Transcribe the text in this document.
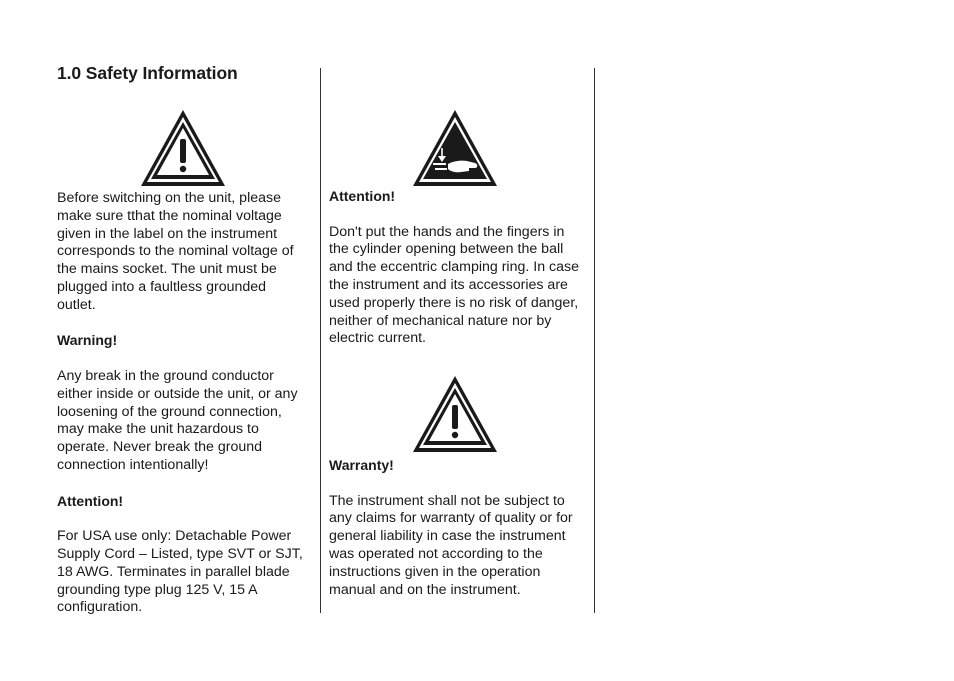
1.0 Safety Information

Before switching on the unit, please make sure tthat the nominal voltage given in the label on the instrument corresponds to the nominal voltage of the mains socket. The unit must be plugged into a faultless grounded outlet.

Warning!

Any break in the ground conductor either inside or outside the unit, or any loosening of the ground connection, may make the unit hazardous to operate. Never break the ground connection intentionally!

Attention!

For USA use only: Detachable Power Supply Cord – Listed, type SVT or SJT, 18 AWG. Terminates in parallel blade grounding type plug 125 V, 15 A configuration.

Attention!

Don't put the hands and the fingers in the cylinder opening between the ball and the eccentric clamping ring. In case the instrument and its accessories are used properly there is no risk of danger, neither of mechanical nature nor by electric current.

Warranty!

The instrument shall not be subject to any claims for warranty of quality or for general liability in case the instrument was operated not according to the instructions given in the operation manual and on the instrument.
